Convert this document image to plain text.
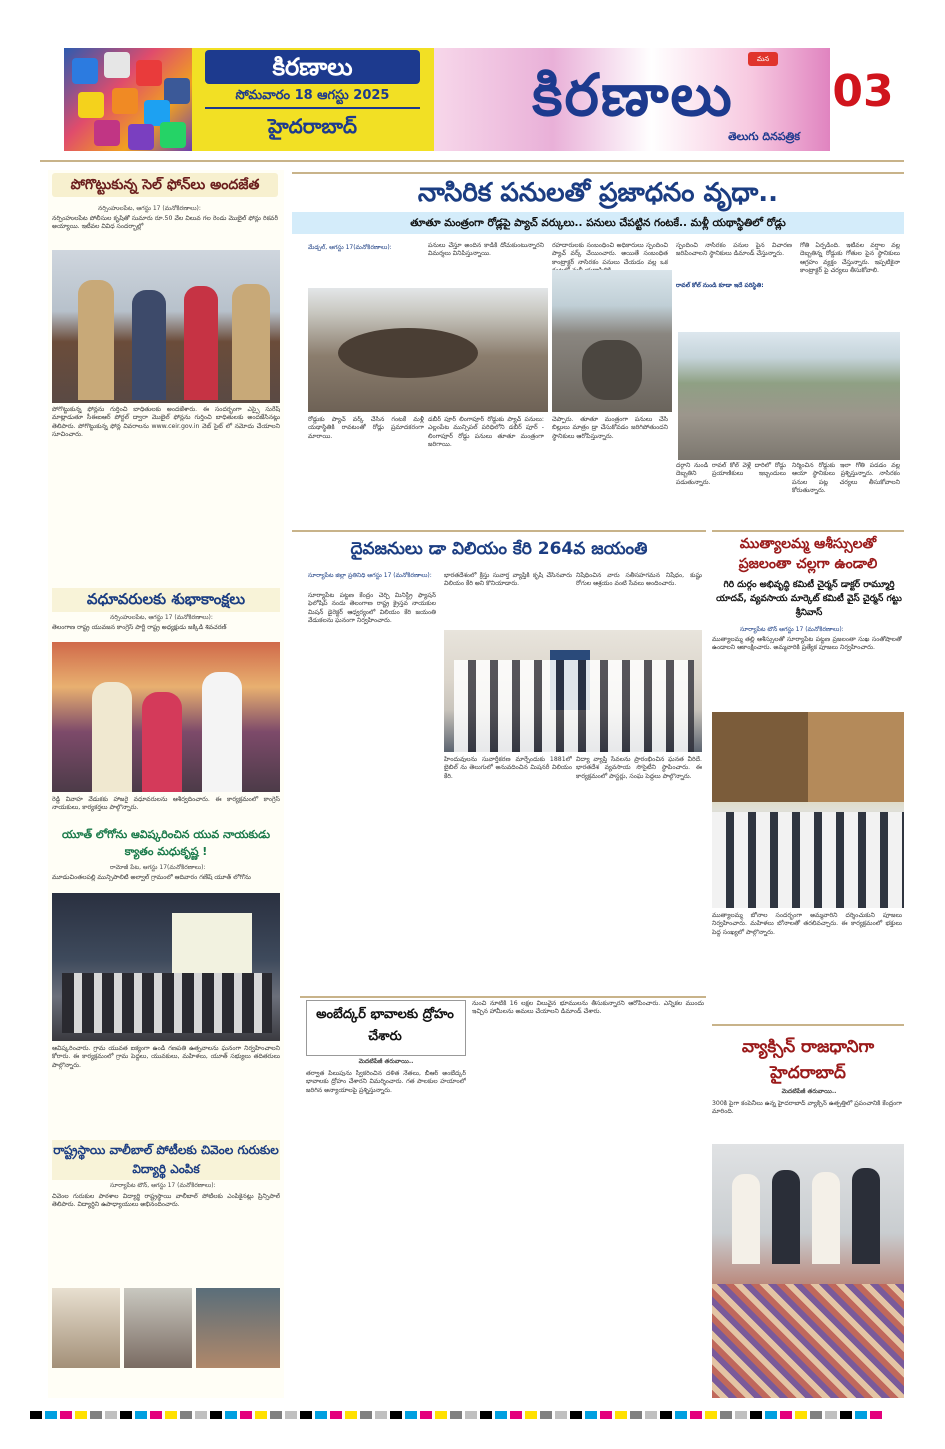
కిరణాలు
సోమవారం 18 ఆగస్టు 2025
హైదరాబాద్
మన
కిరణాలు
తెలుగు దినపత్రిక
03
పోగొట్టుకున్న సెల్ ఫోన్‌లు అందజేత
నర్సింహులపేట, ఆగస్టు 17 (మనోకిరణాలు):
నర్సింహులపేట పోలీసుల కృషితో సుమారు రూ.50 వేల విలువ గల రెండు మొబైల్ ఫోన్లు రికవరీ అయ్యాయి. ఇటీవల వివిధ సందర్భాల్లో
పోగొట్టుకున్న ఫోన్లను గుర్తించి బాధితులకు అందజేశారు. ఈ సందర్భంగా ఎస్సై సురేష్ మాట్లాడుతూ సీఈఐఆర్ పోర్టల్ ద్వారా మొబైల్ ఫోన్లను గుర్తించి బాధితులకు అందజేసినట్లు తెలిపారు. పోగొట్టుకున్న ఫోన్ల వివరాలను www.ceir.gov.in వెబ్ సైట్ లో నమోదు చేయాలని సూచించారు.
వధూవరులకు శుభాకాంక్షలు
నర్సింహులపేట, ఆగస్టు 17 (మనోకిరణాలు):
తెలంగాణ రాష్ట్ర యువజన కాంగ్రెస్ పార్టీ రాష్ట్ర అధ్యక్షుడు జక్కిడి శివచరణ్
రెడ్డి వివాహ వేడుకకు హాజరై వధూవరులను ఆశీర్వదించారు. ఈ కార్యక్రమంలో కాంగ్రెస్ నాయకులు, కార్యకర్తలు పాల్గొన్నారు.
యూత్ లోగోను ఆవిష్కరించిన యువ నాయకుడు క్యాతం మధుకృష్ణ !
రామోజీ పేట, ఆగస్టు 17(మనోకిరణాలు):
మూడుచింతలపల్లి మున్సిపాలిటీ అల్వాల్ గ్రామంలో ఆదివారం గణేష్ యూత్ లోగోను
ఆవిష్కరించారు. గ్రామ యువత ఐక్యంగా ఉండి గణపతి ఉత్సవాలను ఘనంగా నిర్వహించాలని కోరారు. ఈ కార్యక్రమంలో గ్రామ పెద్దలు, యువకులు, మహిళలు, యూత్ సభ్యులు తదితరులు పాల్గొన్నారు.
రాష్ట్రస్థాయి వాలీబాల్ పోటీలకు చివెంల గురుకుల విద్యార్థి ఎంపిక
సూర్యాపేట టౌన్, ఆగస్టు 17 (మనోకిరణాలు):
చివెంల గురుకుల పాఠశాల విద్యార్థి రాష్ట్రస్థాయి వాలీబాల్ పోటీలకు ఎంపికైనట్లు ప్రిన్సిపాల్ తెలిపారు. విద్యార్థిని ఉపాధ్యాయులు అభినందించారు.
నాసిరిక పనులతో ప్రజాధనం వృధా..
తూతూ మంత్రంగా రోడ్లపై ప్యాచ్ వర్కులు.. పనులు చేపట్టిన గంటకే.. మళ్లీ యథాస్థితిలో రోడ్లు
మేడ్చల్, ఆగస్టు 17(మనోకిరణాలు):	పనులు చేస్తూ అందిన కాడికి దోచుకుంటున్నారని విమర్శలు వినిపిస్తున్నాయి.
రహదారులకు సంబంధించి అధికారులు స్పందించి ప్యాచ్ వర్క్ చేయించారు. అయితే సంబంధిత కాంట్రాక్టర్ నాసిరకం పనులు చేయడం వల్ల ఒక
స్పందించి నాసిరకం పనుల పైన విచారణ జరిపించాలని స్థానికులు డిమాండ్ చేస్తున్నారు.
రావల్ కోల్ నుండి కూడా ఇదే పరిస్థితి:
గోతి ఏర్పడింది. ఇటీవల వర్షాల వల్ల దెబ్బతిన్న రోడ్డుకు గోతుల పైన స్థానికులు ఆగ్రహం వ్యక్తం చేస్తున్నారు. ఇప్పటికైనా కాంట్రాక్టర్ పై చర్యలు తీసుకోవాలి.
రోడ్డుకు ప్యాచ్ వర్క్ చేసిన గంటకే మళ్లీ యథాస్థితికి రావటంతో రోడ్లు ప్రమాదకరంగా మారాయి.
డబీర్ పూర్ లింగాపూర్ రోడ్డుకు ప్యాచ్ పనులు: ఎల్లంపేట మున్సిపల్ పరిధిలోని డబీర్ పూర్ - లింగాపూర్ రోడ్డు పనులు తూతూ మంత్రంగా జరిగాయి.
చెప్పారు. తూతూ మంత్రంగా పనులు చేసి బిల్లులు మాత్రం డ్రా చేసుకోవడం జరిగిపోతుందని స్థానికులు ఆరోపిస్తున్నారు.
దర్గాని నుండి రావల్ కోల్ వెళ్లే దారిలో రోడ్డు దెబ్బతిని ప్రయాణికులు ఇబ్బందులు పడుతున్నారు.
నిర్మించిన రోడ్డుకు ఇలా గోతి పడడం వల్ల ఆయా స్థానికులు ప్రశ్నిస్తున్నారు. నాసిరకం పనుల పట్ల చర్యలు తీసుకోవాలని కోరుతున్నారు.
దైవజనులు డా విలియం కేరి 264వ జయంతి
సూర్యాపేట జిల్లా ప్రతినిధి ఆగస్టు 17 (మనోకిరణాలు):
సూర్యాపేట పట్టణ కేంద్రం చెర్చి మినిస్ట్రీ ఫ్యాషన్ ఫెలోషిప్ నందు తెలంగాణ రాష్ట్ర క్రైస్తవ నాయకుల మిషన్ డైరెక్టర్ ఆధ్వర్యంలో విలియం కేరి జయంతి వేడుకలను ఘనంగా నిర్వహించారు.
భారతదేశంలో క్రీస్తు సువార్త వ్యాప్తికి కృషి చేసినవారు విలియం కేరి అని కొనియాడారు.
నిషేధించిన వారు సతీసహగమన నిషేధం, కుష్టు రోగుల ఆశ్రయం వంటి సేవలు అందించారు.
హిందువులను సువార్తీకరణ మార్చేందుకు 1881లో బైబిల్ ను తెలుగులో అనువదించిన మిషనరీ విలియం కేరి.
విద్యా వ్యాప్తి సేవలను ప్రారంభించిన ఘనత వీరిదే. భారతదేశ వ్యవసాయ సొసైటీని స్థాపించారు. ఈ కార్యక్రమంలో పాస్టర్లు, సంఘ పెద్దలు పాల్గొన్నారు.
అంబేద్కర్ భావాలకు ద్రోహం చేశారు
మెదటిపేజీ తరువాయి..
తర్వాత పిలుపును స్వీకరించిన దళిత నేతలు, బీఆర్ అంబేద్కర్ భావాలకు ద్రోహం చేశారని విమర్శించారు. గత పాలకుల హయాంలో జరిగిన అన్యాయాలపై ప్రశ్నిస్తున్నారు.
నుంచి నూటికి 16 లక్షల విలువైన భూములను తీసుకున్నారని ఆరోపించారు. ఎన్నికల ముందు ఇచ్చిన హామీలను అమలు చేయాలని డిమాండ్ చేశారు.
ముత్యాలమ్మ ఆశీస్సులతో ప్రజలంతా చల్లగా ఉండాలి
గిరి దుర్గం అభివృద్ధి కమిటీ చైర్మన్ డాక్టర్ రామ్మూర్తి యాదవ్, వ్యవసాయ మార్కెట్ కమిటీ వైస్ చైర్మన్ గట్టు శ్రీనివాస్
సూర్యాపేట టౌన్ ఆగస్టు 17 (మనోకిరణాలు):
ముత్యాలమ్మ తల్లి ఆశీస్సులతో సూర్యాపేట పట్టణ ప్రజలంతా సుఖ సంతోషాలతో ఉండాలని ఆకాంక్షించారు. అమ్మవారికి ప్రత్యేక పూజలు నిర్వహించారు.
ముత్యాలమ్మ బోనాల సందర్భంగా అమ్మవారిని దర్శించుకుని పూజలు నిర్వహించారు. మహిళలు బోనాలతో తరలివచ్చారు. ఈ కార్యక్రమంలో భక్తులు పెద్ద సంఖ్యలో పాల్గొన్నారు.
వ్యాక్సిన్ రాజధానిగా హైదరాబాద్
మెదటిపేజీ తరువాయి..
300కి పైగా కంపెనీలు ఉన్న హైదరాబాద్ వ్యాక్సిన్ ఉత్పత్తిలో ప్రపంచానికి కేంద్రంగా మారింది.
